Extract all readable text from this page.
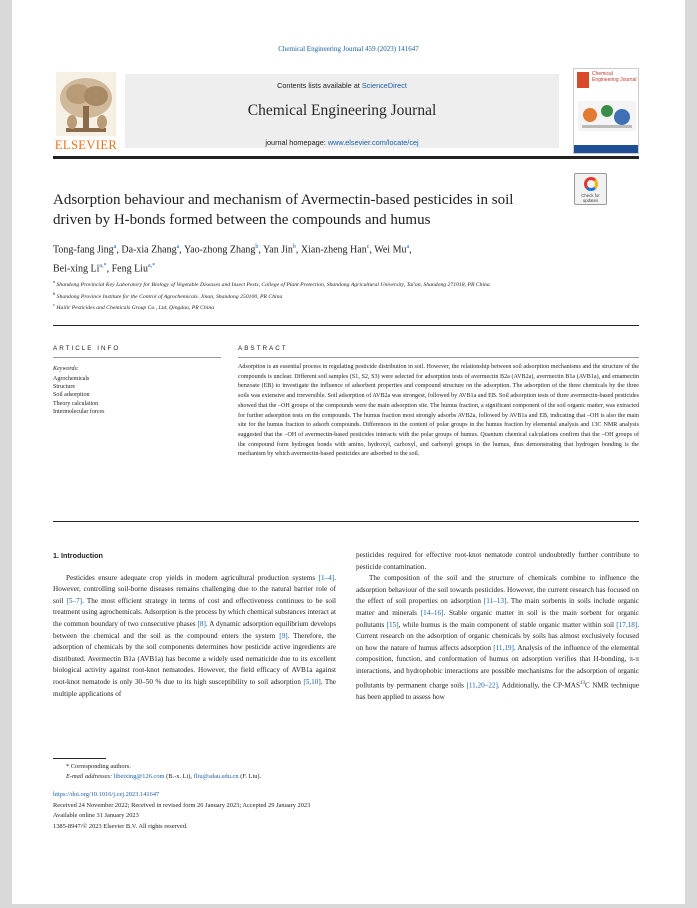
Chemical Engineering Journal 459 (2023) 141647
ELSEVIER
Contents lists available at ScienceDirect
Chemical Engineering Journal
journal homepage: www.elsevier.com/locate/cej
Chemical Engineering Journal
Adsorption behaviour and mechanism of Avermectin-based pesticides in soil driven by H-bonds formed between the compounds and humus
Check for updates
Tong-fang Jing$^a$, Da-xia Zhang$^a$, Yao-zhong Zhang$^b$, Yan Jin$^b$, Xian-zheng Han$^c$, Wei Mu$^a$,
Bei-xing $Li^{a,*}$, Feng Liu$^{a,*}$
$^a$ Shandong Provincial Key Laboratory for Biology of Vegetable Diseases and Insect Pests, College of Plant Protection, Shandong Agricultural University, Tai'an, Shandong 271018, PR China
$^b$ Shandong Province Institute for the Control of Agrochemicals. Jinan, Shandong 250100, PR China
$^c$ Hailir Pesticides and Chemicals Group Co., Ltd, Qingdao, PR China
ARTICLE INFO	ABSTRACT
Keywords:
Agrochemicals
Structure
Soil adsorption
Theory calculation
Intermolecular forces
Adsorption is an essential process in regulating pesticide distribution in soil. However, the relationship between soil adsorption mechanisms and the structure of the compounds is unclear. Different soil samples (S1, S2, S3) were selected for adsorption tests of avermectin B2a (AVB2a), avermectin B1a (AVB1a), and emamectin benzoate (EB) to investigate the influence of adsorbent properties and compound structure on the adsorption. The adsorption of the three chemicals by the three soils was extensive and irreversible. Soil adsorption of AVB2a was strongest, followed by AVB1a and EB. Soil adsorption tests of three avermectin-based pesticides showed that the –OH groups of the compounds were the main adsorption site. The humus fraction, a significant component of the soil organic matter, was extracted for further adsorption tests on the compounds. The humus fraction most strongly adsorbs AVB2a, followed by AVB1a and EB, indicating that –OH is also the main site for the humus fraction to adsorb compounds. Differences in the content of polar groups in the humus fraction by elemental analysis and 13C NMR analysis suggested that the –OH of avermectin-based pesticides interacts with the polar groups of humus. Quantum chemical calculations confirm that the –OH groups of the compound form hydrogen bonds with amino, hydroxyl, carboxyl, and carbonyl groups in the humus, thus demonstrating that hydrogen bonding is the mechanism by which avermectin-based pesticides are adsorbed to the soil.
1. Introduction

Pesticides ensure adequate crop yields in modern agricultural production systems [1–4]. However, controlling soil-borne diseases remains challenging due to the natural barrier role of soil [5–7]. The most efficient strategy in terms of cost and effectiveness continues to be soil treatment using agrochemicals. Adsorption is the process by which chemical substances interact at the common boundary of two consecutive phases [8]. A dynamic adsorption equilibrium develops between the chemical and the soil as the compound enters the system [9]. Therefore, the adsorption of chemicals by the soil components determines how pesticide active ingredients are distributed. Avermectin B1a (AVB1a) has become a widely used nematicide due to its excellent biological activity against root-knot nematodes. However, the field efficacy of AVB1a against root-knot nematode is only 30–50 % due to its high susceptibility to soil adsorption [5,10]. The multiple applications of

pesticides required for effective root-knot nematode control undoubtedly further contribute to pesticide contamination.

The composition of the soil and the structure of chemicals combine to influence the adsorption behaviour of the soil towards pesticides. However, the current research has focused on the effect of soil properties on adsorption [11–13]. The main sorbents in soils include organic matter and minerals [14–16]. Stable organic matter in soil is the main sorbent for organic pollutants [15], while humus is the main component of stable organic matter within soil [17,18]. Current research on the adsorption of organic chemicals by soils has almost exclusively focused on how the nature of humus affects adsorption [11,19]. Analysis of the influence of the elemental composition, function, and conformation of humus on adsorption verifies that H-bonding, π-π interactions, and hydrophobic interactions are possible mechanisms for the adsorption of organic pollutants by permanent charge soils [11,20–22]. Additionally, the CP-MAS$^{13}$C NMR technique has been applied to assess how

* Corresponding authors.
E-mail addresses: libeixing@126.com (B.-x. Li), fliu@sdau.edu.cn (F. Liu).
https://doi.org/10.1016/j.cej.2023.141647
Received 24 November 2022; Received in revised form 26 January 2023; Accepted 29 January 2023
Available online 31 January 2023
1385-8947/© 2023 Elsevier B.V. All rights reserved.
